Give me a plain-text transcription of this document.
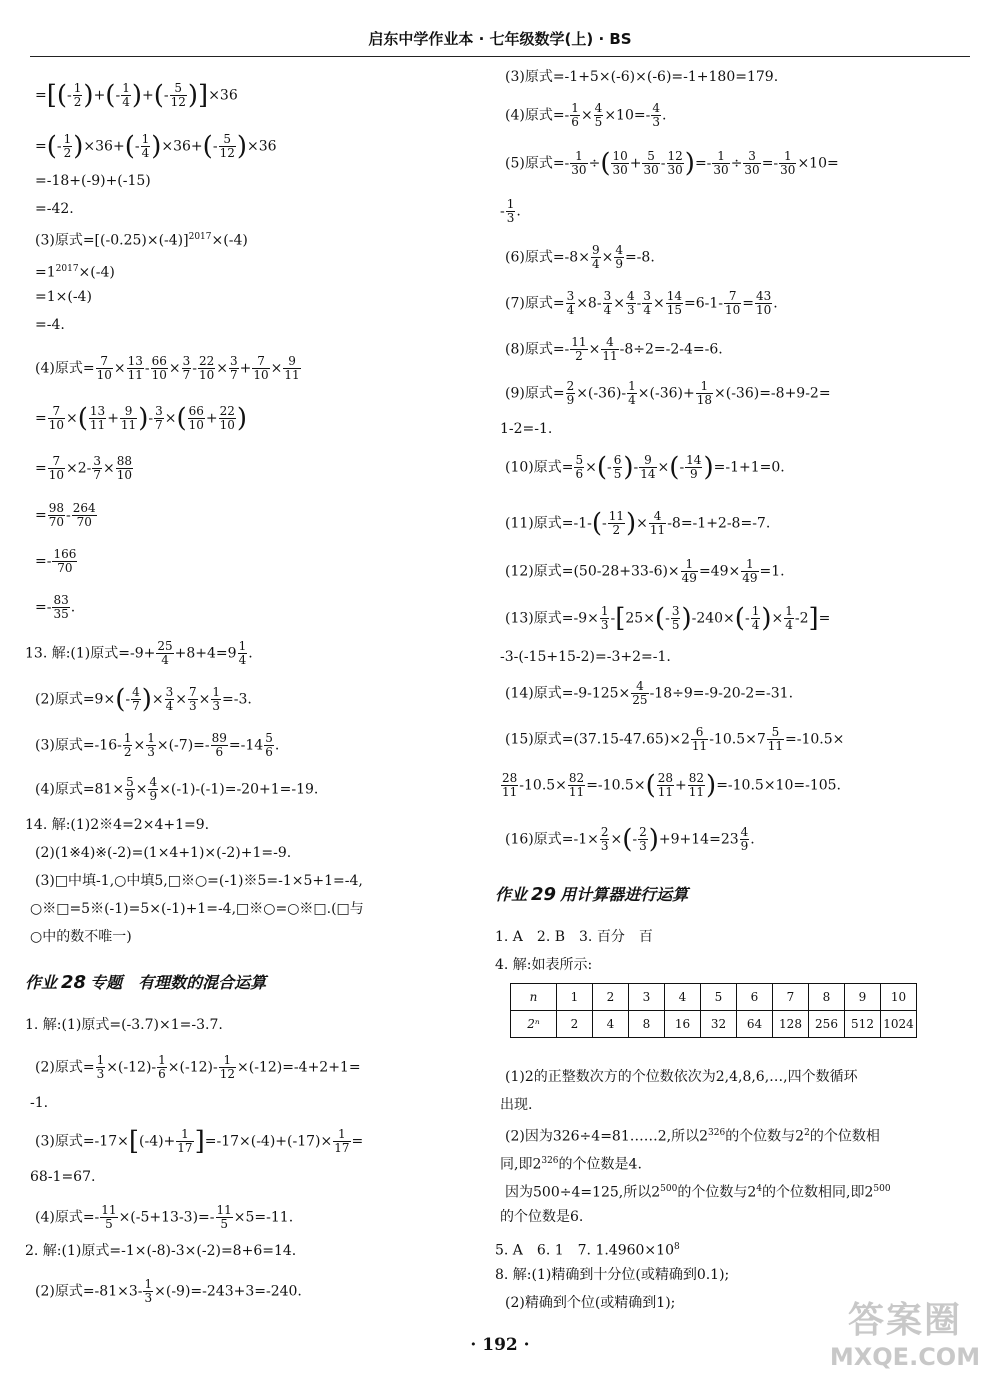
启东中学作业本 · 七年级数学(上) · BS
=[(- $\frac{1}{2}$ )+(- $\frac{1}{4}$ )+(- $\frac{5}{12} )]\times 36$
=(- $\frac{1}{2} )\times 36+(- \frac{1}{4} )\times 36+(- \frac{5}{12} )\times 36$
=-18+(-9)+(-15)
=-42.
(3)原式$=[(-0.25)\times(-4)]^{2017}\times(-4)$
$=1^{2017}\times(-4)$
=1×(-4)
=-4.
(4)原式= $\frac{7}{10} \times \frac{13}{11} - \frac{66}{10} \times \frac{3}{7} - \frac{22}{10} \times \frac{3}{7} + \frac{7}{10} \times \frac{9}{11}$
= $\frac{7}{10}$ ×( $\frac{13}{11} + \frac{9}{11}$ )- $\frac{3}{7}$ ×( $\frac{66}{10} + \frac{22}{10}$ )
= $\frac{7}{10} \times 2- \frac{3}{7} \times \frac{88}{10}$
= $\frac{98}{70} - \frac{264}{70}$
=- $\frac{166}{70}$
=- $\frac{83}{35}$ .
13. 解:(1)原式$=-9+ \frac{25}{4} +8+4=9 \frac{1}{4}$ .
(2)原式$=9\times(- \frac{4}{7}$ )× $\frac{3}{4} \times \frac{7}{3} \times \frac{1}{3} =-3$.
(3)原式$=-16- \frac{1}{2} \times \frac{1}{3} \times(-7)=- \frac{89}{6} =-14 \frac{5}{6}$ .
(4)原式$=81\times \frac{5}{9} \times \frac{4}{9} \times(-1)-(-1)=-20+1=-19$.
14. 解:(1)2※4=2×4+1=9.
(2)(1※4)※(-2)=(1×4+1)×(-2)+1=-9.
(3)□中填-1,○中填5,□※○=(-1)※5=-1×5+1=-4,
○※□=5※(-1)=5×(-1)+1=-4,□※○=○※□.(□与
○中的数不唯一)
作业 28 专题　有理数的混合运算
1. 解:(1)原式=(-3.7)×1=-3.7.
(2)原式= $\frac{1}{3} \times(-12)- \frac{1}{6} \times(-12)- \frac{1}{12} \times(-12)=-4+2+1=$
-1.
(3)原式$=-17\times[(-4)+ \frac{1}{17} ]=-17\times(-4)+(-17)\times \frac{1}{17}$ =
68-1=67.
(4)原式=- $\frac{11}{5} \times(-5+13-3)=- \frac{11}{5} \times 5=-11$.
2. 解:(1)原式=-1×(-8)-3×(-2)=8+6=14.
(2)原式$=-81\times 3- \frac{1}{3} \times(-9)=-243+3=-240$.
(3)原式=-1+5×(-6)×(-6)=-1+180=179.
(4)原式=- $\frac{1}{6} \times \frac{4}{5} \times 10=- \frac{4}{3}$ .
(5)原式=- $\frac{1}{30}$ ÷( $\frac{10}{30} + \frac{5}{30} - \frac{12}{30}$ )=- $\frac{1}{30} \div \frac{3}{30} =- \frac{1}{30} \times 10=$
- $\frac{1}{3}$ .
(6)原式$=-8\times \frac{9}{4} \times \frac{4}{9} =-8$.
(7)原式= $\frac{3}{4} \times 8- \frac{3}{4} \times \frac{4}{3} - \frac{3}{4} \times \frac{14}{15} =6-1- \frac{7}{10} = \frac{43}{10}$ .
(8)原式=- $\frac{11}{2} \times \frac{4}{11} -8\div 2=-2-4=-6$.
(9)原式= $\frac{2}{9} \times(-36)- \frac{1}{4} \times(-36)+ \frac{1}{18} \times(-36)=-8+9-2=$
1-2=-1.
(10)原式= $\frac{5}{6}$ ×(- $\frac{6}{5}$ )- $\frac{9}{14}$ ×(- $\frac{14}{9} )=-1+1=0$.
(11)原式$=-1-(- \frac{11}{2}$ )× $\frac{4}{11} -8=-1+2-8=-7$.
(12)原式$=(50-28+33-6)\times \frac{1}{49} =49\times \frac{1}{49} =1$.
(13)原式$=-9\times \frac{1}{3} -[25\times(- \frac{3}{5} )-240\times(- \frac{1}{4}$ )× $\frac{1}{4} -2]=$
-3-(-15+15-2)=-3+2=-1.
(14)原式$=-9-125\times \frac{4}{25} -18\div 9=-9-20-2=-31$.
(15)原式$=(37.15-47.65)\times 2 \frac{6}{11} -10.5\times 7 \frac{5}{11} =-10.5\times$
$\frac{28}{11} -10.5\times \frac{82}{11} =-10.5\times( \frac{28}{11} + \frac{82}{11} )=-10.5\times 10=-105$.
(16)原式$=-1\times \frac{2}{3}$ ×(- $\frac{2}{3} )+9+14=23 \frac{4}{9}$ .
作业 29 用计算器进行运算
1. A　2. B　3. 百分　百
4. 解:如表所示:
n	1	2	3	4	5	6	7	8	9	10
2ⁿ	2	4	8	16	32	64	128	256	512	1024
(1)2的正整数次方的个位数依次为2,4,8,6,…,四个数循环
出现.
(2)因为326÷4=81……2,所以$2^{326}$的个位数与$2^2$的个位数相
同,即$2^{326}$的个位数是4.
因为500÷4=125,所以$2^{500}$的个位数与$2^4$的个位数相同,即$2^{500}$
的个位数是6.
5. A　6. 1　7. $1.4960\times 10^8$
8. 解:(1)精确到十分位(或精确到0.1);
(2)精确到个位(或精确到1);
· 192 ·
答案圈
MXQE.COM
